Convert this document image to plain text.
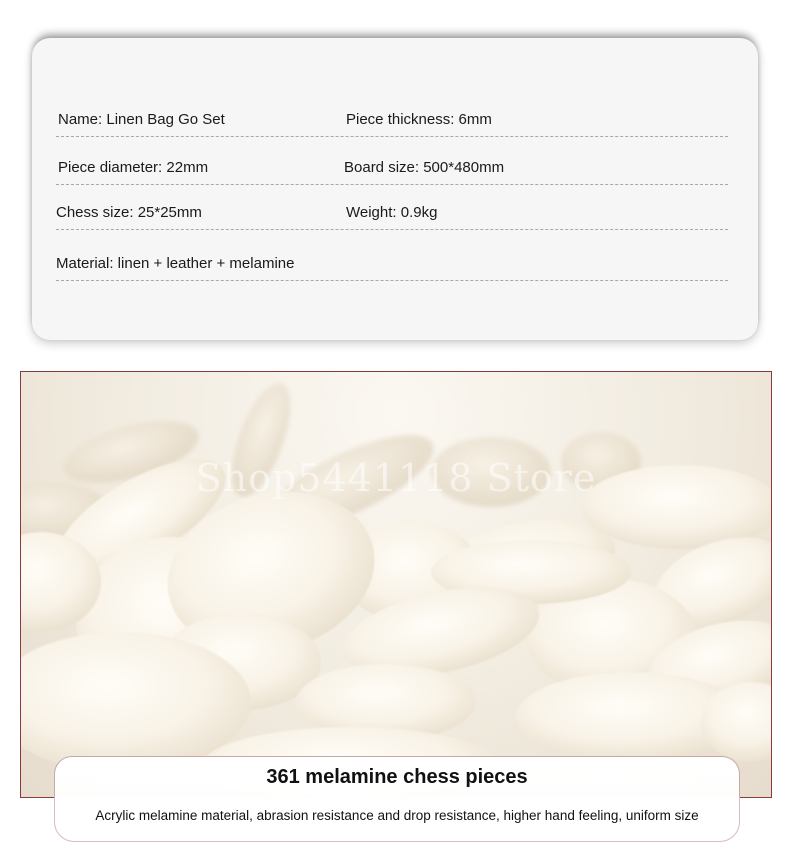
Name: Linen Bag Go Set	Piece thickness: 6mm
Piece diameter: 22mm	Board size: 500*480mm
Chess size: 25*25mm	Weight: 0.9kg
Material: linen + leather + melamine
Shop5441118 Store
361 melamine chess pieces
Acrylic melamine material, abrasion resistance and drop resistance, higher hand feeling, uniform size
